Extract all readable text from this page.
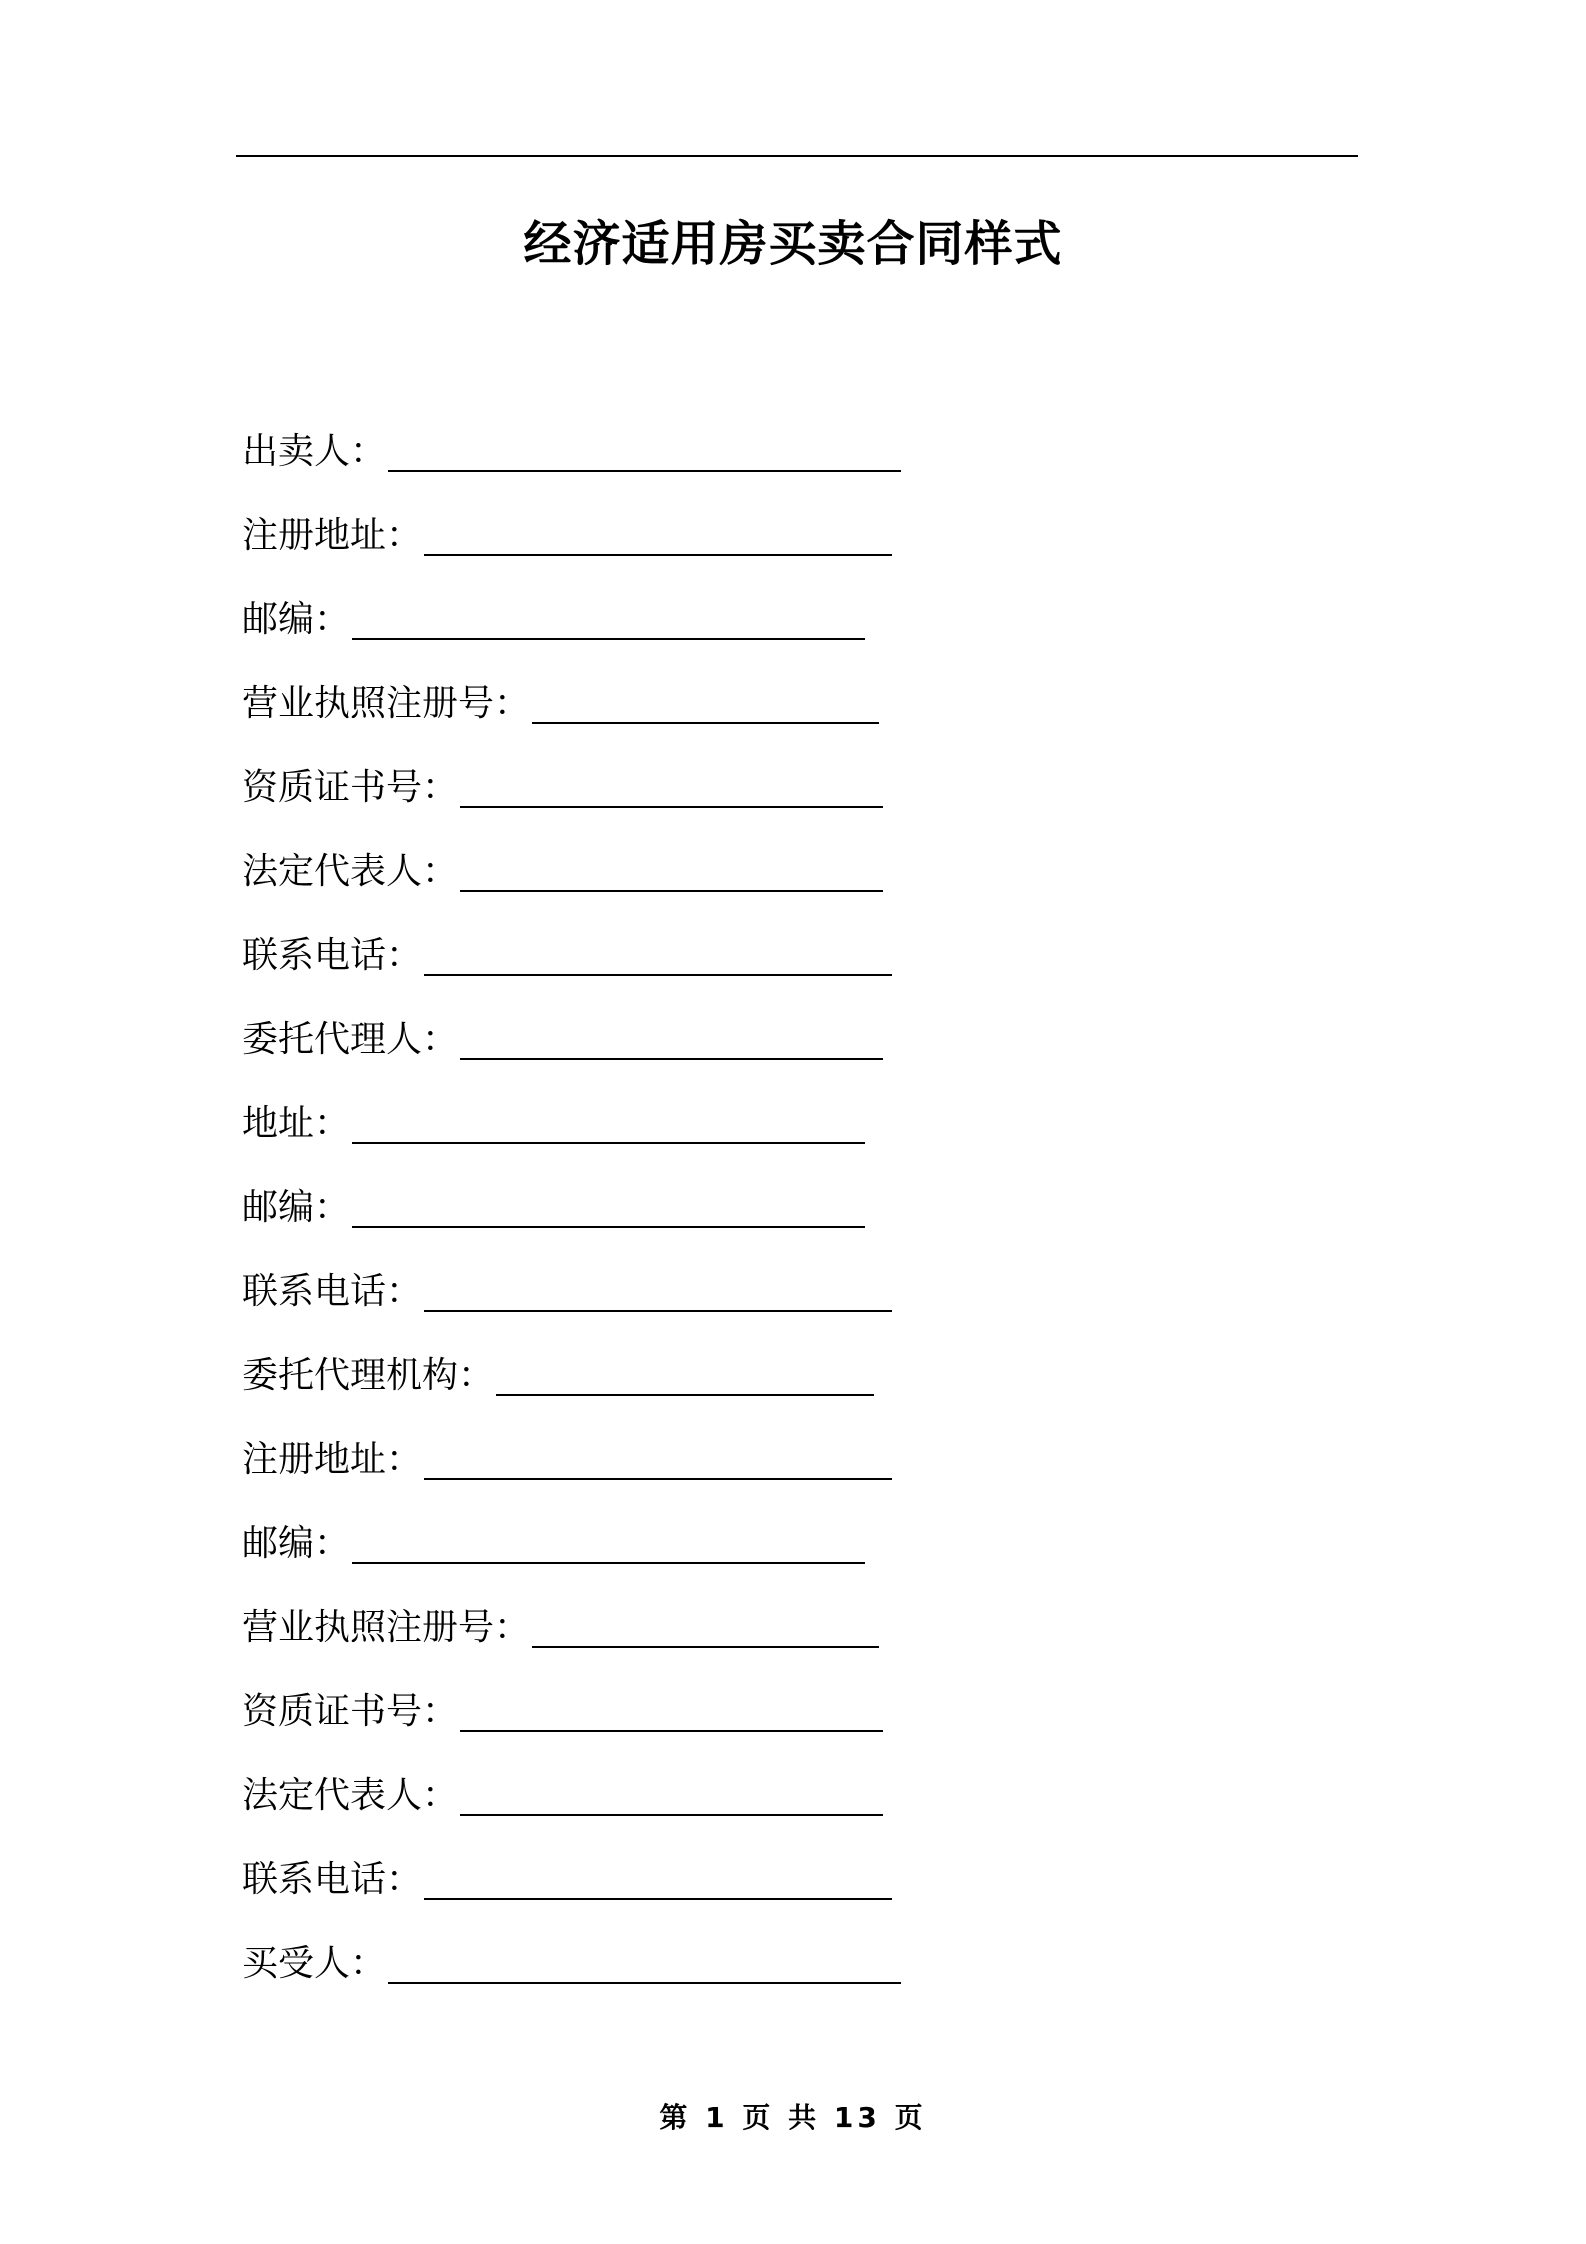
经济适用房买卖合同样式
出卖人 ：
注册地址 ：
邮编 ：
营业执照注册号 ：
资质证书号 ：
法定代表人 ：
联系电话 ：
委托代理人 ：
地址 ：
邮编 ：
联系电话 ：
委托代理机构 ：
注册地址 ：
邮编 ：
营业执照注册号 ：
资质证书号 ：
法定代表人 ：
联系电话 ：
买受人 ：
第 1 页 共 13 页
